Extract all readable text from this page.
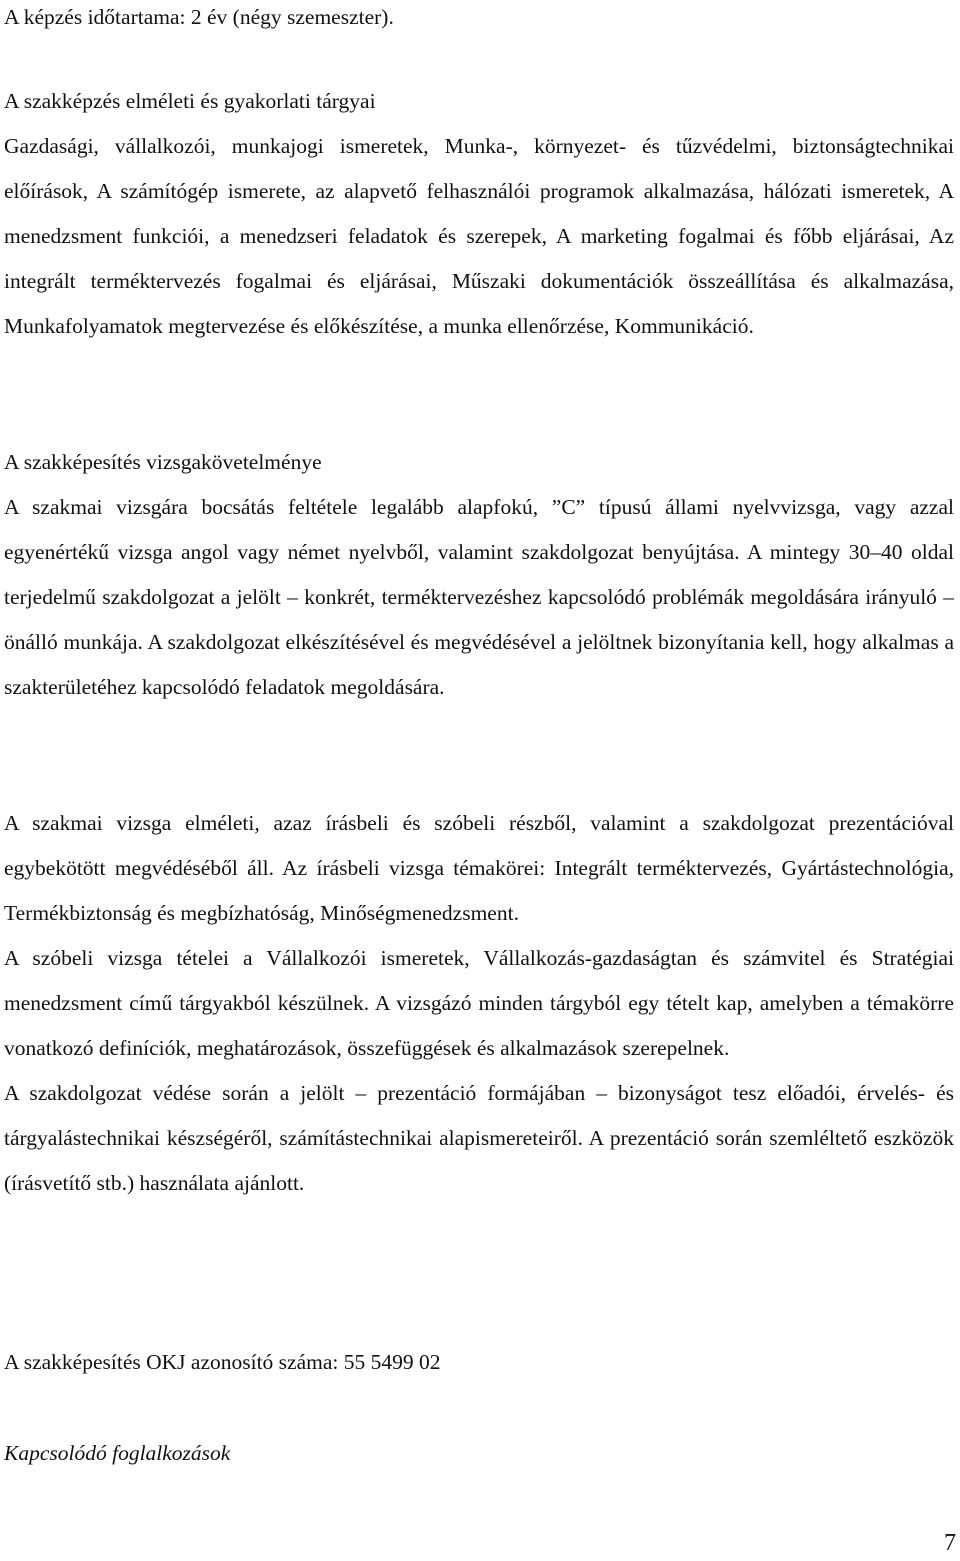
A képzés időtartama: 2 év (négy szemeszter).
A szakképzés elméleti és gyakorlati tárgyai
Gazdasági, vállalkozói, munkajogi ismeretek, Munka-, környezet- és tűzvédelmi, biztonságtechnikai előírások, A számítógép ismerete, az alapvető felhasználói programok alkalmazása, hálózati ismeretek, A menedzsment funkciói, a menedzseri feladatok és szerepek, A marketing fogalmai és főbb eljárásai, Az integrált terméktervezés fogalmai és eljárásai, Műszaki dokumentációk összeállítása és alkalmazása, Munkafolyamatok megtervezése és előkészítése, a munka ellenőrzése, Kommunikáció.
A szakképesítés vizsgakövetelménye
A szakmai vizsgára bocsátás feltétele legalább alapfokú, ”C” típusú állami nyelvvizsga, vagy azzal egyenértékű vizsga angol vagy német nyelvből, valamint szakdolgozat benyújtása. A mintegy 30–40 oldal terjedelmű szakdolgozat a jelölt – konkrét, terméktervezéshez kapcsolódó problémák megoldására irányuló – önálló munkája. A szakdolgozat elkészítésével és megvédésével a jelöltnek bizonyítania kell, hogy alkalmas a szakterületéhez kapcsolódó feladatok megoldására.
A szakmai vizsga elméleti, azaz írásbeli és szóbeli részből, valamint a szakdolgozat prezentációval egybekötött megvédéséből áll. Az írásbeli vizsga témakörei: Integrált terméktervezés, Gyártástechnológia, Termékbiztonság és megbízhatóság, Minőségmenedzsment.
A szóbeli vizsga tételei a Vállalkozói ismeretek, Vállalkozás-gazdaságtan és számvitel és Stratégiai menedzsment című tárgyakból készülnek. A vizsgázó minden tárgyból egy tételt kap, amelyben a témakörre vonatkozó definíciók, meghatározások, összefüggések és alkalmazások szerepelnek.
A szakdolgozat védése során a jelölt – prezentáció formájában – bizonyságot tesz előadói, érvelés- és tárgyalástechnikai készségéről, számítástechnikai alapismereteiről. A prezentáció során szemléltető eszközök (írásvetítő stb.) használata ajánlott.
A szakképesítés OKJ azonosító száma: 55 5499 02
Kapcsolódó foglalkozások
7
